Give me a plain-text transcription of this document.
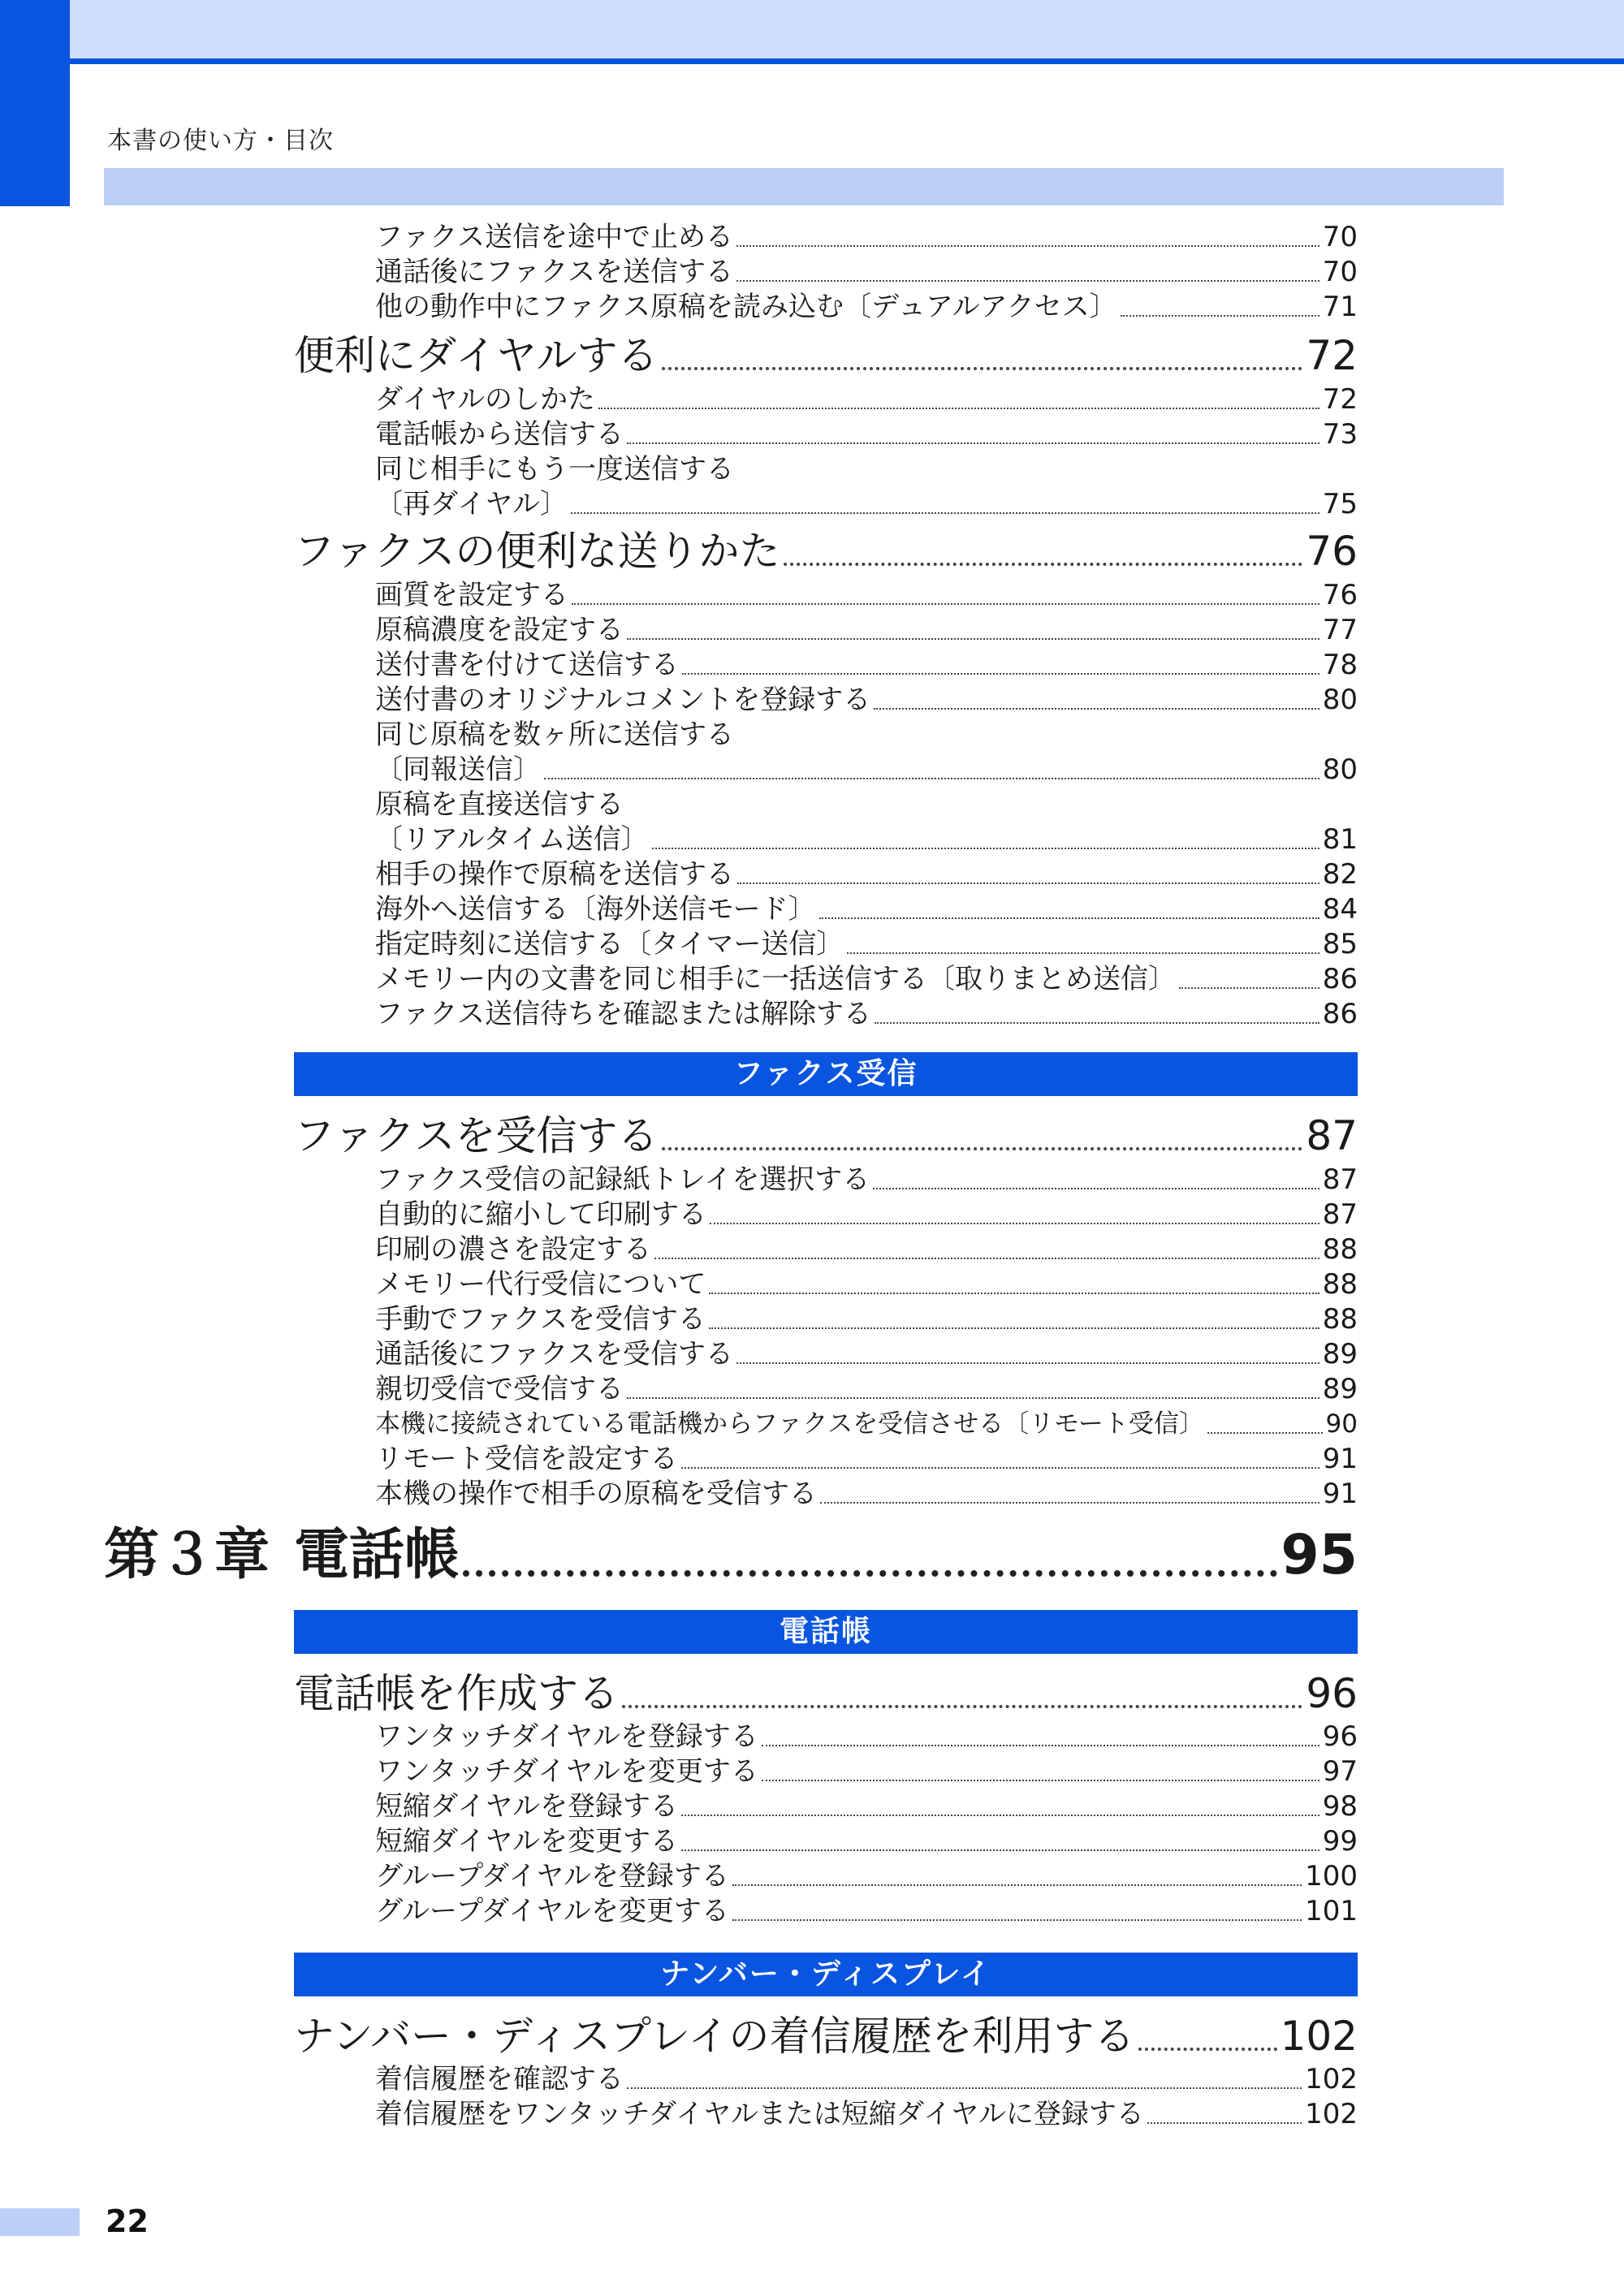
本書の使い方・目次
ファクス送信を途中で止める	70
通話後にファクスを送信する	70
他の動作中にファクス原稿を読み込む〔デュアルアクセス〕	71
便利にダイヤルする	72
ダイヤルのしかた	72
電話帳から送信する	73
同じ相手にもう一度送信する
〔再ダイヤル〕	75
ファクスの便利な送りかた	76
画質を設定する	76
原稿濃度を設定する	77
送付書を付けて送信する	78
送付書のオリジナルコメントを登録する	80
同じ原稿を数ヶ所に送信する
〔同報送信〕	80
原稿を直接送信する
〔リアルタイム送信〕	81
相手の操作で原稿を送信する	82
海外へ送信する〔海外送信モード〕	84
指定時刻に送信する〔タイマー送信〕	85
メモリー内の文書を同じ相手に一括送信する〔取りまとめ送信〕	86
ファクス送信待ちを確認または解除する	86
ファクス受信
ファクスを受信する	87
ファクス受信の記録紙トレイを選択する	87
自動的に縮小して印刷する	87
印刷の濃さを設定する	88
メモリー代行受信について	88
手動でファクスを受信する	88
通話後にファクスを受信する	89
親切受信で受信する	89
本機に接続されている電話機からファクスを受信させる〔リモート受信〕	90
リモート受信を設定する	91
本機の操作で相手の原稿を受信する	91
第３章 電話帳	95
電話帳
電話帳を作成する	96
ワンタッチダイヤルを登録する	96
ワンタッチダイヤルを変更する	97
短縮ダイヤルを登録する	98
短縮ダイヤルを変更する	99
グループダイヤルを登録する	100
グループダイヤルを変更する	101
ナンバー・ディスプレイ
ナンバー・ディスプレイの着信履歴を利用する	102
着信履歴を確認する	102
着信履歴をワンタッチダイヤルまたは短縮ダイヤルに登録する	102
22
